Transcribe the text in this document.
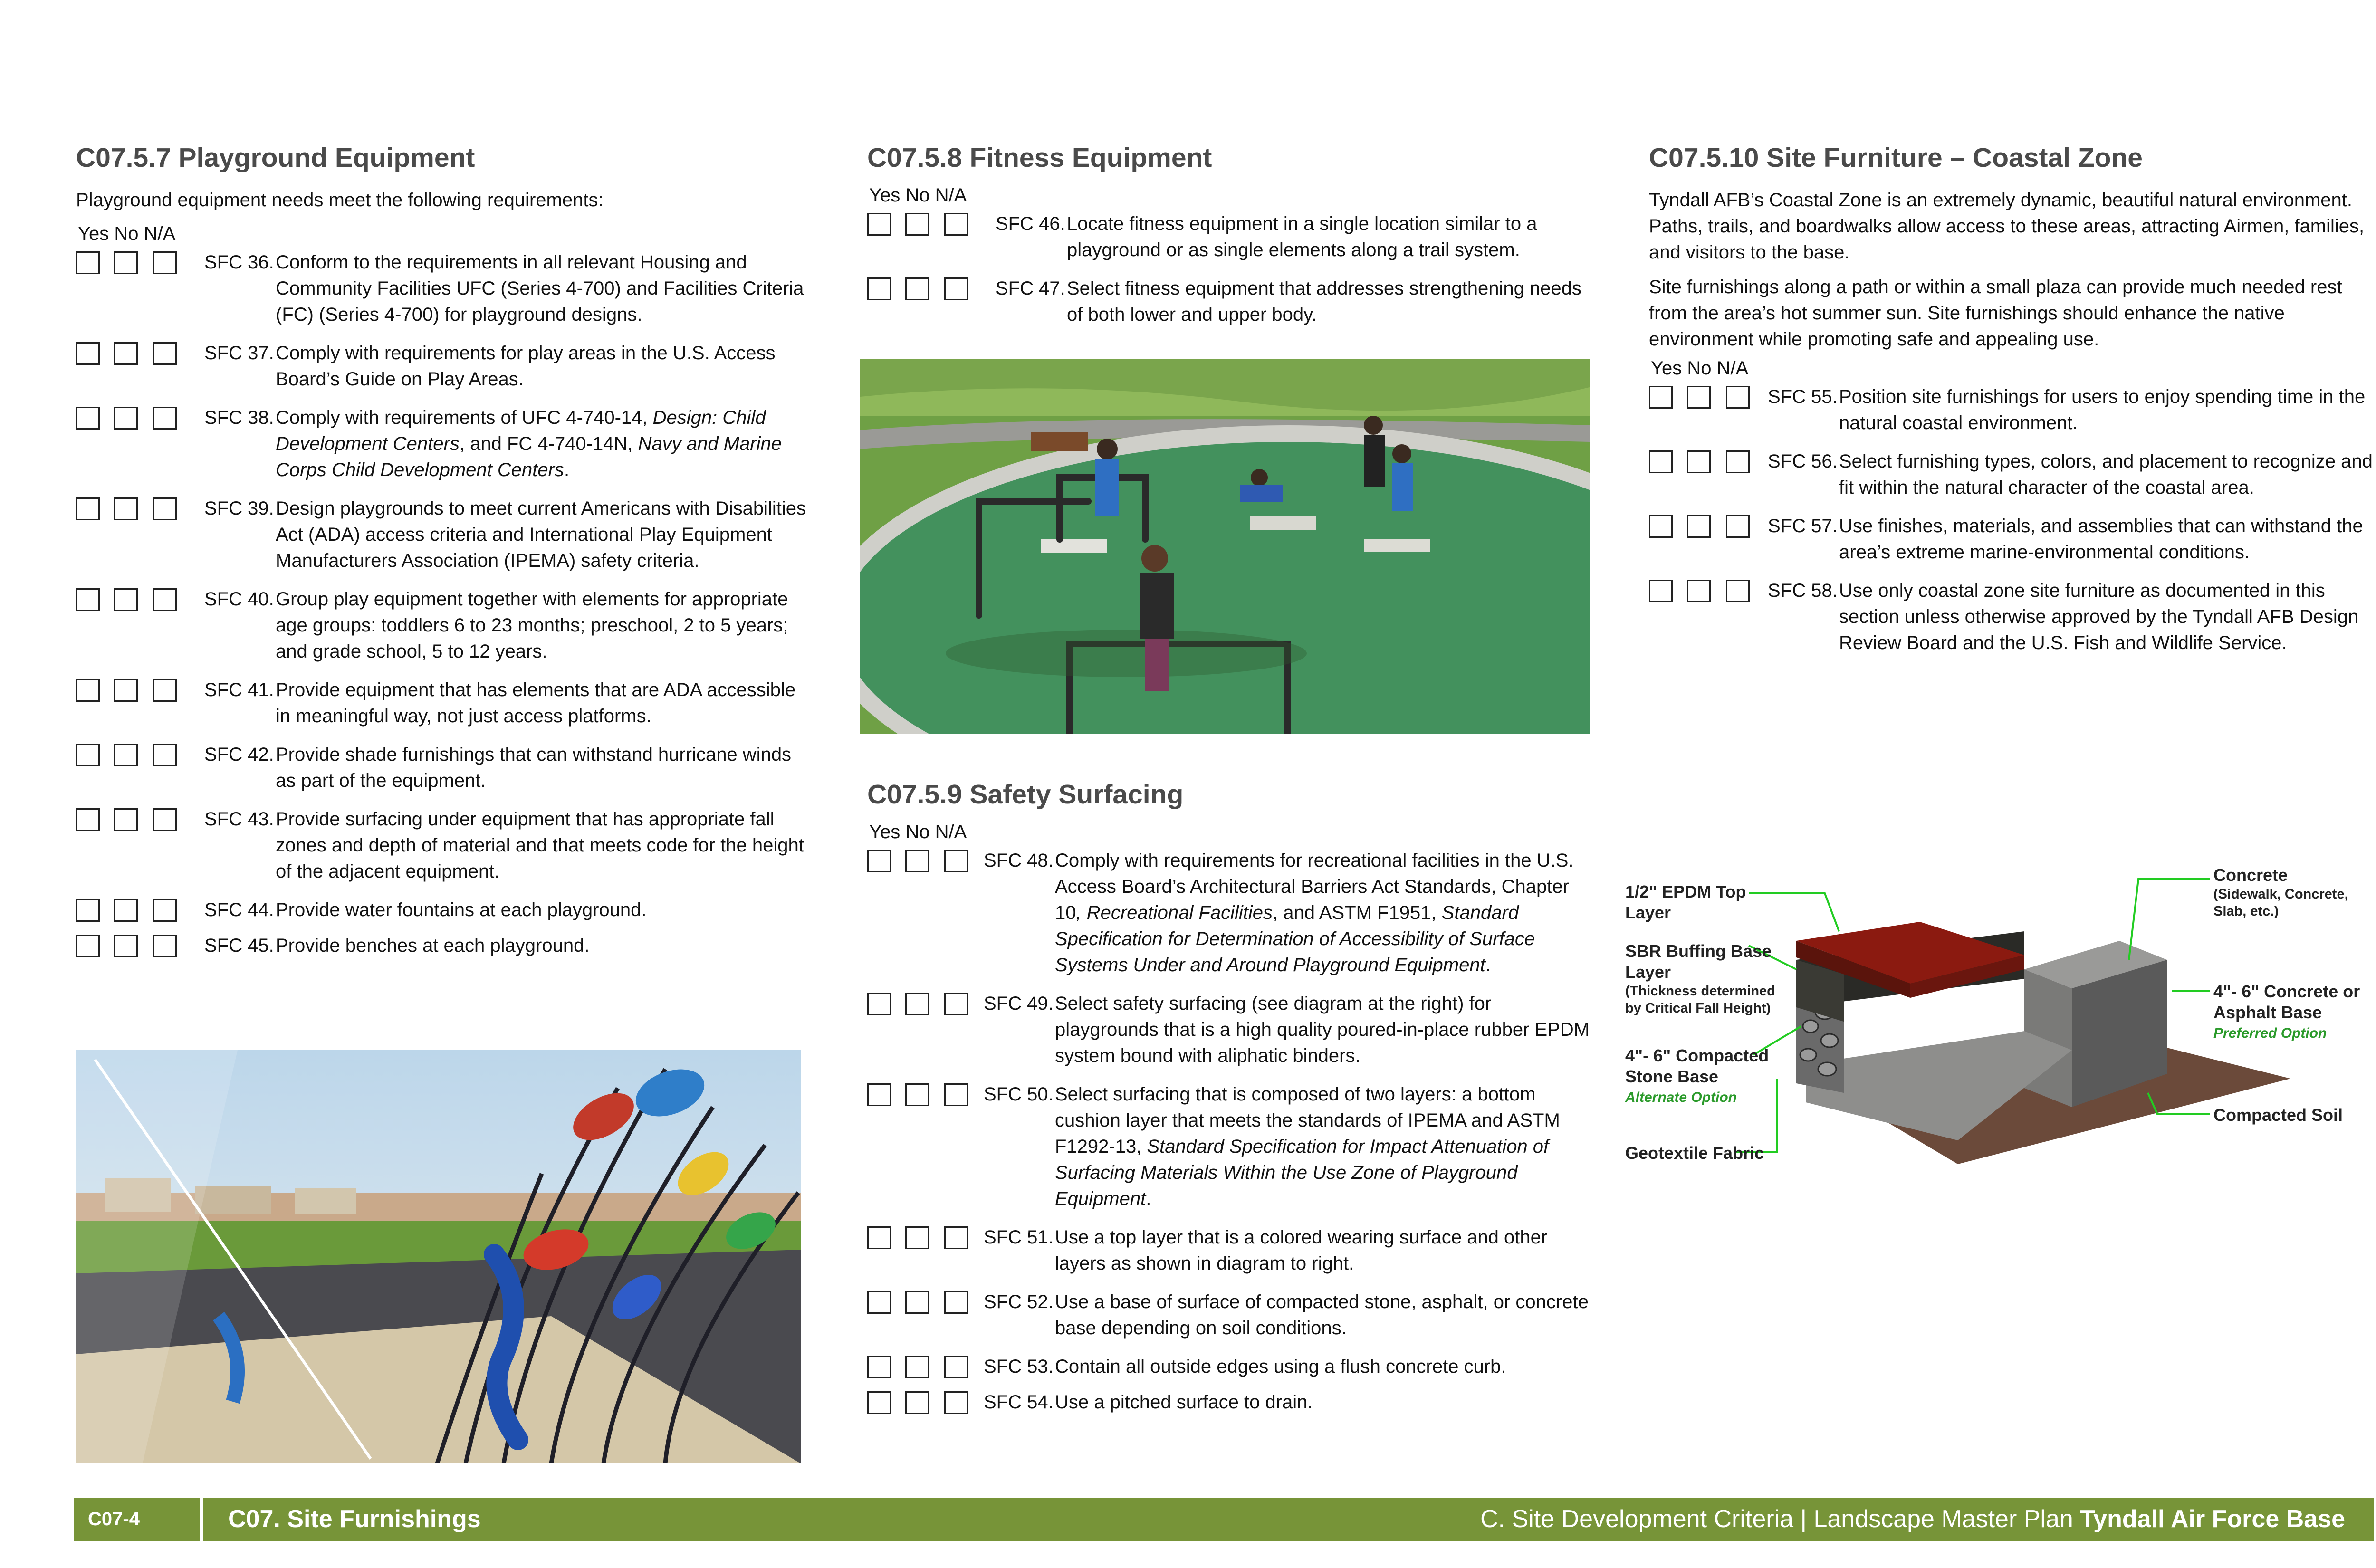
C07.5.7 Playground Equipment

Playground equipment needs meet the following requirements:

Yes No N/A
SFC 36. Conform to the requirements in all relevant Housing and Community Facilities UFC (Series 4-700) and Facilities Criteria (FC) (Series 4-700) for playground designs.
SFC 37. Comply with requirements for play areas in the U.S. Access Board’s Guide on Play Areas.
SFC 38. Comply with requirements of UFC 4-740-14, Design: Child Development Centers, and FC 4-740-14N, Navy and Marine Corps Child Development Centers.
SFC 39. Design playgrounds to meet current Americans with Disabilities Act (ADA) access criteria and International Play Equipment Manufacturers Association (IPEMA) safety criteria.
SFC 40. Group play equipment together with elements for appropriate age groups: toddlers 6 to 23 months; preschool, 2 to 5 years; and grade school, 5 to 12 years.
SFC 41. Provide equipment that has elements that are ADA accessible in meaningful way, not just access platforms.
SFC 42. Provide shade furnishings that can withstand hurricane winds as part of the equipment.
SFC 43. Provide surfacing under equipment that has appropriate fall zones and depth of material and that meets code for the height of the adjacent equipment.
SFC 44. Provide water fountains at each playground.
SFC 45. Provide benches at each playground.
C07.5.8 Fitness Equipment
Yes No N/A
SFC 46. Locate fitness equipment in a single location similar to a playground or as single elements along a trail system.
SFC 47. Select fitness equipment that addresses strengthening needs of both lower and upper body.
C07.5.9 Safety Surfacing
Yes No N/A
SFC 48. Comply with requirements for recreational facilities in the U.S. Access Board’s Architectural Barriers Act Standards, Chapter 10, Recreational Facilities, and ASTM F1951, Standard Specification for Determination of Accessibility of Surface Systems Under and Around Playground Equipment.
SFC 49. Select safety surfacing (see diagram at the right) for playgrounds that is a high quality poured-in-place rubber EPDM system bound with aliphatic binders.
SFC 50. Select surfacing that is composed of two layers: a bottom cushion layer that meets the standards of IPEMA and ASTM F1292-13, Standard Specification for Impact Attenuation of Surfacing Materials Within the Use Zone of Playground Equipment.
SFC 51. Use a top layer that is a colored wearing surface and other layers as shown in diagram to right.
SFC 52. Use a base of surface of compacted stone, asphalt, or concrete base depending on soil conditions.
SFC 53. Contain all outside edges using a flush concrete curb.
SFC 54. Use a pitched surface to drain.
C07.5.10 Site Furniture – Coastal Zone

Tyndall AFB’s Coastal Zone is an extremely dynamic, beautiful natural environment. Paths, trails, and boardwalks allow access to these areas, attracting Airmen, families, and visitors to the base.

Site furnishings along a path or within a small plaza can provide much needed rest from the area’s hot summer sun. Site furnishings should enhance the native environment while promoting safe and appealing use.

Yes No N/A
SFC 55. Position site furnishings for users to enjoy spending time in the natural coastal environment.
SFC 56. Select furnishing types, colors, and placement to recognize and fit within the natural character of the coastal area.
SFC 57. Use finishes, materials, and assemblies that can withstand the area’s extreme marine-environmental conditions.
SFC 58. Use only coastal zone site furniture as documented in this section unless otherwise approved by the Tyndall AFB Design Review Board and the U.S. Fish and Wildlife Service.
1/2" EPDM Top Layer
SBR Buffing Base Layer
(Thickness determined by Critical Fall Height)
4"- 6" Compacted Stone Base
Alternate Option
Geotextile Fabric
Concrete
(Sidewalk, Concrete, Slab, etc.)
4"- 6" Concrete or Asphalt Base
Preferred Option
Compacted Soil
C07-4	C07. Site Furnishings	C. Site Development Criteria | Landscape Master Plan Tyndall Air Force Base
